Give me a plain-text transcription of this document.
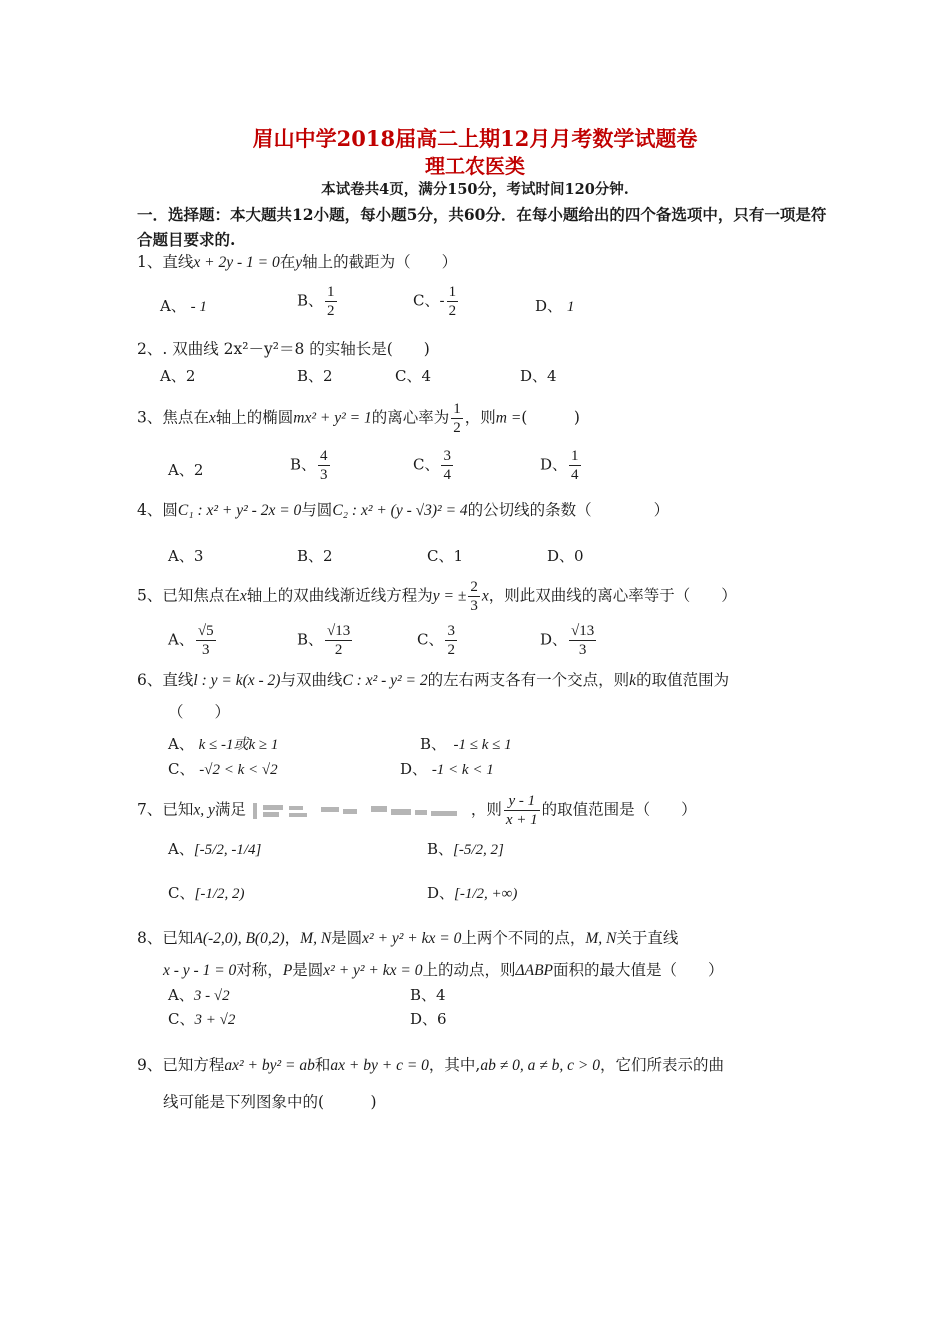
眉山中学2018届高二上期12月月考数学试题卷
理工农医类
本试卷共4页，满分150分，考试时间120分钟.
一．选择题：本大题共12小题，每小题5分，共60分．在每小题给出的四个备选项中，只有一项是符合题目要求的.
1、直线x + 2y - 1 = 0在y轴上的截距为（　　）
A、 - 1	B、 $\frac{1}{2}$	C、- $\frac{1}{2}$	D、 1
2、. 双曲线 2x²－y²＝8 的实轴长是(　　)
A、2	B、2	C、4	D、4
3、焦点在x轴上的椭圆mx² + y² = 1的离心率为 $\frac{1}{2}$ ，则m =(　　　)
A、2	B、 $\frac{4}{3}$	C、 $\frac{3}{4}$	D、 $\frac{1}{4}$
4、圆C₁ : x² + y² - 2x = 0与圆C₂ : x² + (y - √3)² = 4的公切线的条数（　　　　）
A、3	B、2	C、1	D、0
5、已知焦点在x轴上的双曲线渐近线方程为y = ± $\frac{2}{3}$ x，则此双曲线的离心率等于（　　）
A、 $\frac{√5}{3}$	B、 $\frac{√13}{2}$	C、 $\frac{3}{2}$	D、 $\frac{√13}{3}$
6、直线l : y = k(x - 2)与双曲线C : x² - y² = 2的左右两支各有一个交点，则k的取值范围为
（　　）
A、 k ≤ -1或k ≥ 1	B、　 -1 ≤ k ≤ 1
C、 -√2 < k < √2	D、 -1 < k < 1
7、已知x, y满足	，则 $\frac{y - 1}{x + 1}$ 的取值范围是（　　）
A、[-5/2, -1/4]	B、[-5/2, 2]
C、[-1/2, 2)	D、[-1/2, +∞)
8、已知A(-2,0), B(0,2)，M, N是圆x² + y² + kx = 0上两个不同的点，M, N关于直线
x - y - 1 = 0对称，P是圆x² + y² + kx = 0上的动点，则ΔABP面积的最大值是（　　）
A、3 - √2	B、4
C、3 + √2	D、6
9、已知方程ax² + by² = ab和ax + by + c = 0，其中,ab ≠ 0, a ≠ b, c > 0，它们所表示的曲
线可能是下列图象中的(　　　)
